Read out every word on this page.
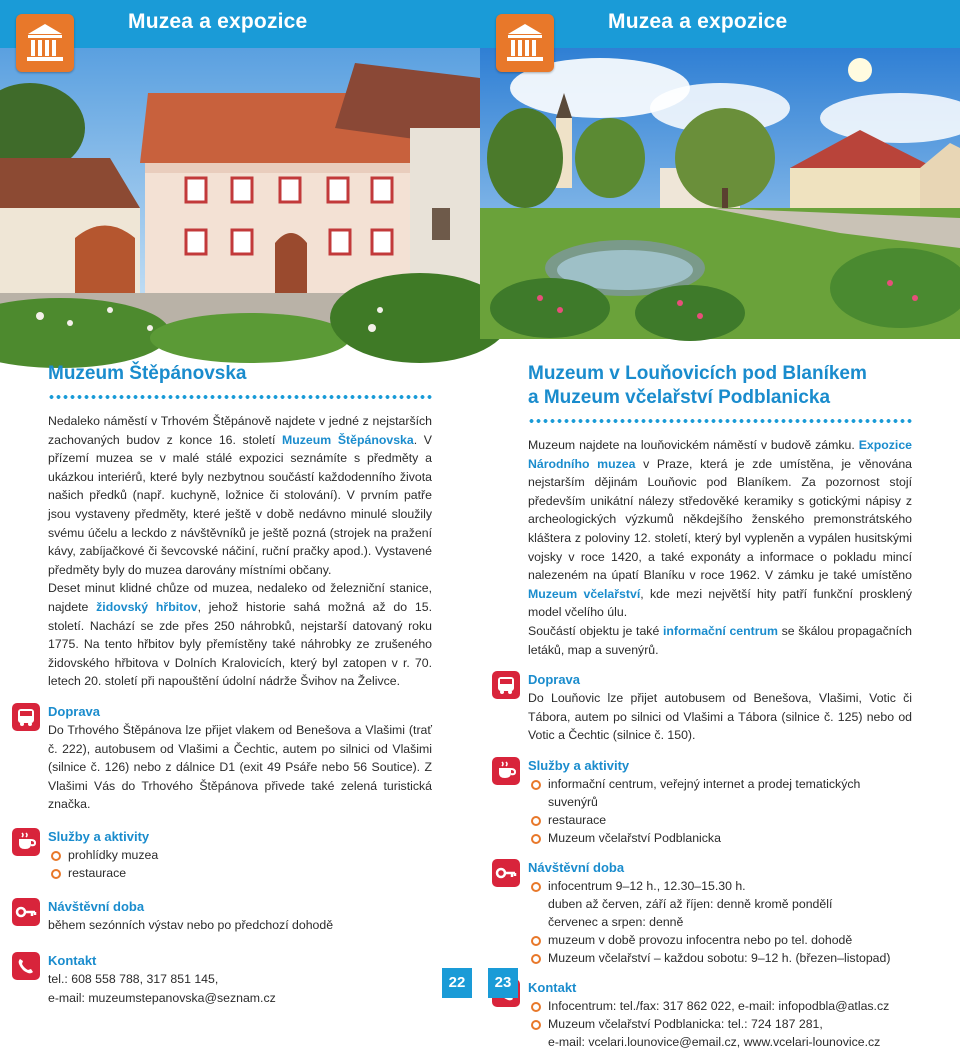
Muzea a expozice
Muzeum Štěpánovska

Nedaleko náměstí v Trhovém Štěpánově najdete v jedné z nejstarších zachovaných budov z konce 16. století Muzeum Štěpánovska. V přízemí muzea se v malé stálé expozici seznámíte s předměty a ukázkou interiérů, které byly nezbytnou součástí každodenního života našich předků (např. kuchyně, ložnice či stolování). V prvním patře jsou vystaveny předměty, které ještě v době nedávno minulé sloužily svému účelu a leckdo z návštěvníků je ještě pozná (strojek na pražení kávy, zabíjačkové či ševcovské náčiní, ruční pračky apod.). Vystavené předměty byly do muzea darovány místními občany.

Deset minut klidné chůze od muzea, nedaleko od železniční stanice, najdete židovský hřbitov, jehož historie sahá možná až do 15. století. Nachází se zde přes 250 náhrobků, nejstarší datovaný roku 1775. Na tento hřbitov byly přemístěny také náhrobky ze zrušeného židovského hřbitova v Dolních Kralovicích, který byl zatopen v r. 70. letech 20. století při napouštění údolní nádrže Švihov na Želivce.

Doprava

Do Trhového Štěpánova lze přijet vlakem od Benešova a Vlašimi (trať č. 222), autobusem od Vlašimi a Čechtic, autem po silnici od Vlašimi (silnice č. 126) nebo z dálnice D1 (exit 49 Psáře nebo 56 Soutice). Z Vlašimi Vás do Trhového Štěpánova přivede také zelená turistická značka.

Služby a aktivity
prohlídky muzea
restaurace
Návštěvní doba

během sezónních výstav nebo po předchozí dohodě

Kontakt

tel.: 608 558 788, 317 851 145,

e-mail: muzeumstepanovska@seznam.cz

22
Muzea a expozice
Muzeum v Louňovicích pod Blaníkem
a Muzeum včelařství Podblanicka

Muzeum najdete na louňovickém náměstí v budově zámku. Expozice Národního muzea v Praze, která je zde umístěna, je věnována nejstarším dějinám Louňovic pod Blaníkem. Za pozornost stojí především unikátní nálezy středověké keramiky s gotickými nápisy z archeologických výzkumů někdejšího ženského premonstrátského kláštera z poloviny 12. století, který byl vypleněn a vypálen husitskými vojsky v roce 1420, a také exponáty a informace o pokladu mincí nalezeném na úpatí Blaníku v roce 1962. V zámku je také umístěno Muzeum včelařství, kde mezi největší hity patří funkční prosklený model včelího úlu.

Součástí objektu je také informační centrum se škálou propagačních letáků, map a suvenýrů.

Doprava

Do Louňovic lze přijet autobusem od Benešova, Vlašimi, Votic či Tábora, autem po silnici od Vlašimi a Tábora (silnice č. 125) nebo od Votic a Čechtic (silnice č. 150).

Služby a aktivity
informační centrum, veřejný internet a prodej tematických suvenýrů
restaurace
Muzeum včelařství Podblanicka
Návštěvní doba
infocentrum 9–12 h., 12.30–15.30 h.
duben až červen, září až říjen: denně kromě pondělí
červenec a srpen: denně
muzeum v době provozu infocentra nebo po tel. dohodě
Muzeum včelařství – každou sobotu: 9–12 h. (březen–listopad)
Kontakt
Infocentrum: tel./fax: 317 862 022, e-mail: infopodbla@atlas.cz
Muzeum včelařství Podblanicka: tel.: 724 187 281,
e-mail: vcelari.lounovice@email.cz, www.vcelari-lounovice.cz
23
